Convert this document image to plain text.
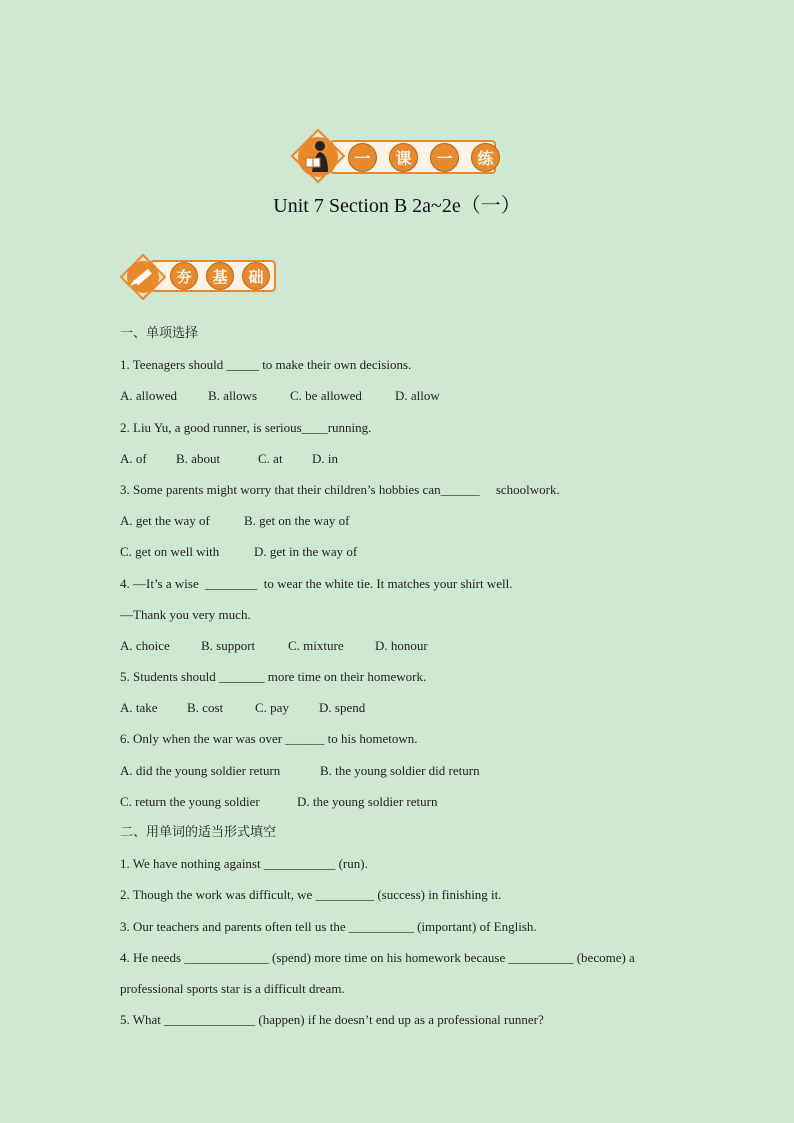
一	课	一	练
Unit 7 Section B 2a~2e（一）
夯	基	础
一、单项选择
1. Teenagers should _____ to make their own decisions.
A. allowed	B. allows	C. be allowed	D. allow
2. Liu Yu, a good runner, is serious____running.
A. of	B. about	C. at	D. in
3. Some parents might worry that their children’s hobbies can______     schoolwork.
A. get the way of	B. get on the way of
C. get on well with	D. get in the way of
4. —It’s a wise  ________  to wear the white tie. It matches your shirt well.
—Thank you very much.
A. choice	B. support	C. mixture	D. honour
5. Students should _______ more time on their homework.
A. take	B. cost	C. pay	D. spend
6. Only when the war was over ______ to his hometown.
A. did the young soldier return	B. the young soldier did return
C. return the young soldier	D. the young soldier return
二、用单词的适当形式填空
1. We have nothing against ___________ (run).
2. Though the work was difficult, we _________ (success) in finishing it.
3. Our teachers and parents often tell us the __________ (important) of English.
4. He needs _____________ (spend) more time on his homework because __________ (become) a
professional sports star is a difficult dream.
5. What ______________ (happen) if he doesn’t end up as a professional runner?
